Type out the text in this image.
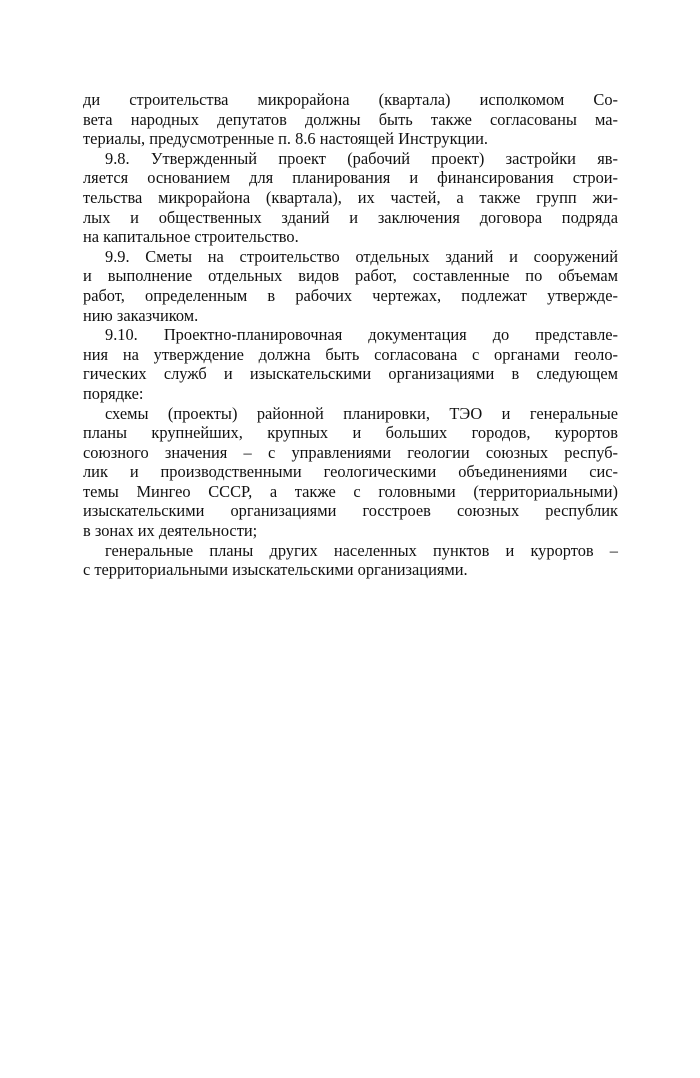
ди строительства микрорайона (квартала) исполкомом Со-
вета народных депутатов должны быть также согласованы ма-
териалы, предусмотренные п. 8.6 настоящей Инструкции.
9.8. Утвержденный проект (рабочий проект) застройки яв-
ляется основанием для планирования и финансирования строи-
тельства микрорайона (квартала), их частей, а также групп жи-
лых и общественных зданий и заключения договора подряда
на капитальное строительство.
9.9. Сметы на строительство отдельных зданий и сооружений
и выполнение отдельных видов работ, составленные по объемам
работ, определенным в рабочих чертежах, подлежат утвержде-
нию заказчиком.
9.10. Проектно-планировочная документация до представле-
ния на утверждение должна быть согласована с органами геоло-
гических служб и изыскательскими организациями в следующем
порядке:
схемы (проекты) районной планировки, ТЭО и генеральные
планы крупнейших, крупных и больших городов, курортов
союзного значения – с управлениями геологии союзных респуб-
лик и производственными геологическими объединениями сис-
темы Мингео СССР, а также с головными (территориальными)
изыскательскими организациями госстроев союзных республик
в зонах их деятельности;
генеральные планы других населенных пунктов и курортов –
с территориальными изыскательскими организациями.
